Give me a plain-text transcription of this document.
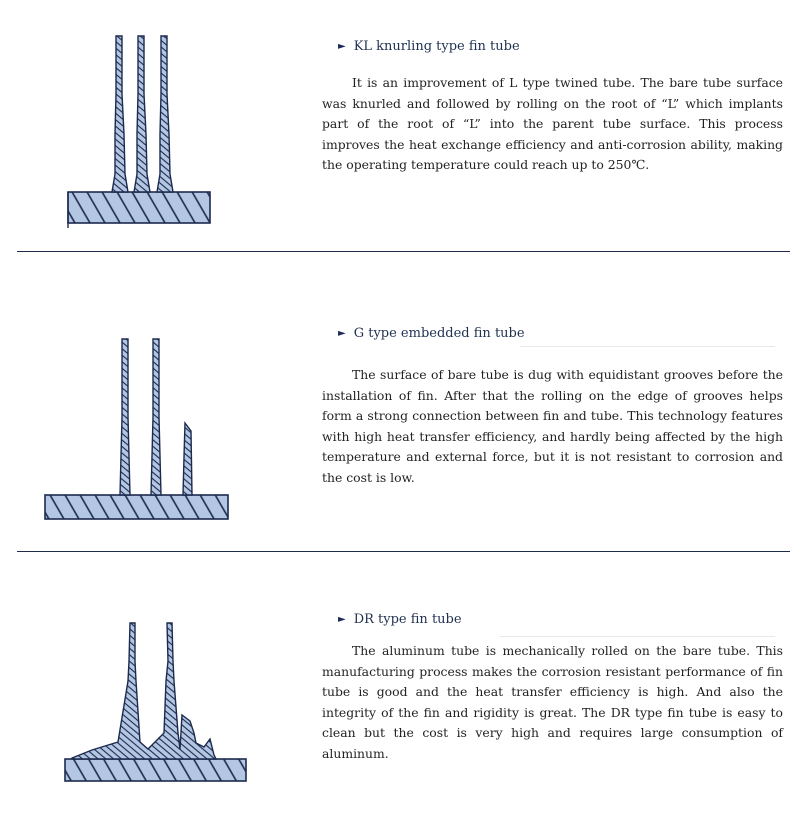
► KL knurling type fin tube

It is an improvement of L type twined tube. The bare tube surface was knurled and followed by rolling on the root of “L” which implants part of the root of “L” into the parent tube surface. This process improves the heat exchange efficiency and anti-corrosion ability, making the operating temperature could reach up to 250℃.

► G type embedded fin tube

The surface of bare tube is dug with equidistant grooves before the installation of fin. After that the rolling on the edge of grooves helps form a strong connection between fin and tube. This technology features with high heat transfer efficiency, and hardly being affected by the high temperature and external force, but it is not resistant to corrosion and the cost is low.

► DR type fin tube

The aluminum tube is mechanically rolled on the bare tube. This manufacturing process makes the corrosion resistant performance of fin tube is good and the heat transfer efficiency is high. And also the integrity of the fin and rigidity is great. The DR type fin tube is easy to clean but the cost is very high and requires large consumption of aluminum.
